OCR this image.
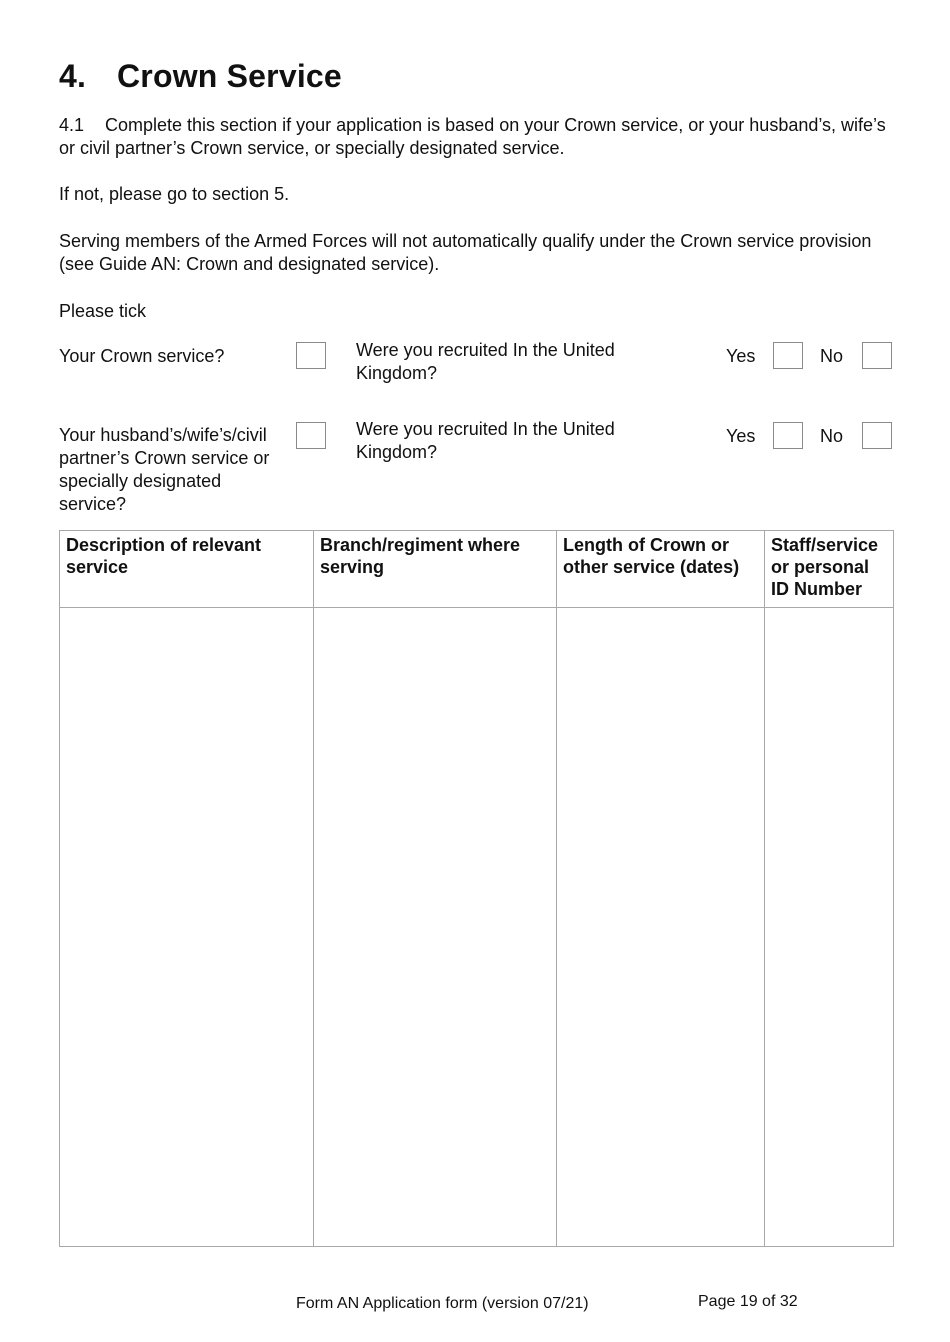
4. Crown Service
4.1 Complete this section if your application is based on your Crown service, or your husband’s, wife’s or civil partner’s Crown service, or specially designated service.
If not, please go to section 5.
Serving members of the Armed Forces will not automatically qualify under the Crown service provision (see Guide AN: Crown and designated service).
Please tick
Your Crown service?	Were you recruited In the United Kingdom?
Yes	No
Your husband’s/wife’s/civil partner’s Crown service or specially designated service?
Were you recruited In the United Kingdom?
Yes	No
Description of relevant service	Branch/regiment where serving	Length of Crown or other service (dates)	Staff/service or personal ID Number

Form AN Application form (version 07/21)	Page 19 of 32
